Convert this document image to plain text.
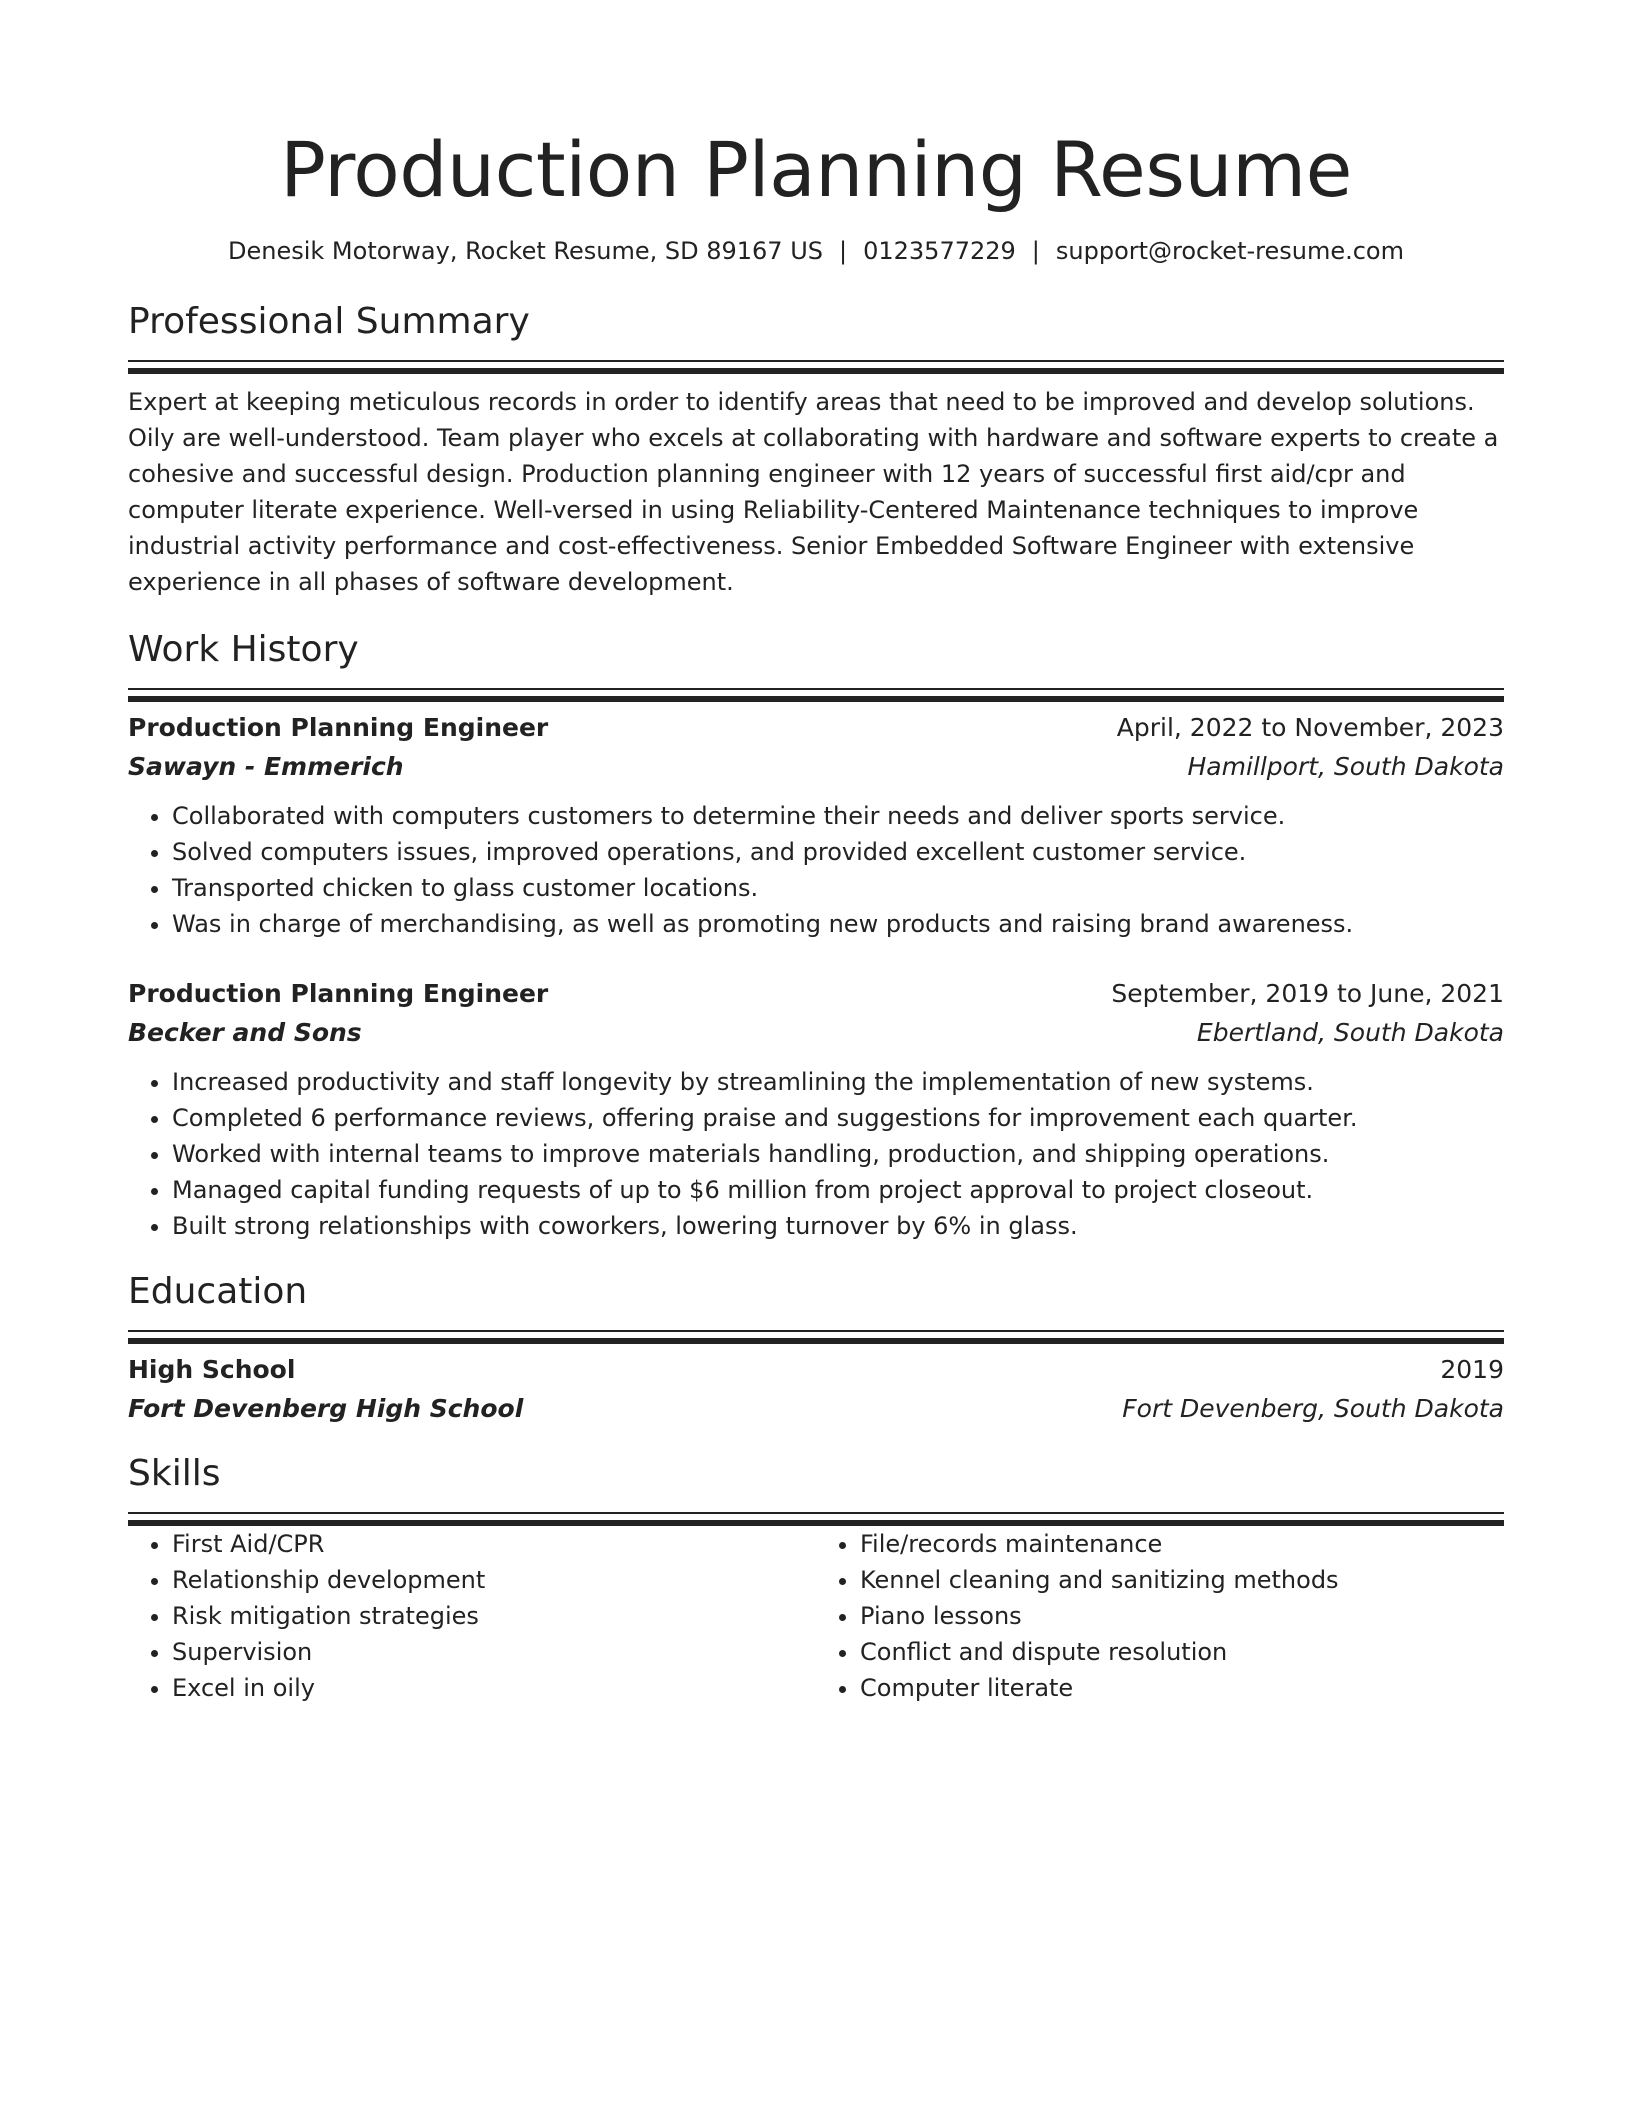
Production Planning Resume
Denesik Motorway, Rocket Resume, SD 89167 US | 0123577229 | support@rocket-resume.com
Professional Summary

Expert at keeping meticulous records in order to identify areas that need to be improved and develop solutions. Oily are well-understood. Team player who excels at collaborating with hardware and software experts to create a cohesive and successful design. Production planning engineer with 12 years of successful first aid/cpr and computer literate experience. Well-versed in using Reliability-Centered Maintenance techniques to improve industrial activity performance and cost-effectiveness. Senior Embedded Software Engineer with extensive experience in all phases of software development.

Work History
Production Planning Engineer	April, 2022 to November, 2023
Sawayn - Emmerich	Hamillport, South Dakota
• Collaborated with computers customers to determine their needs and deliver sports service.
• Solved computers issues, improved operations, and provided excellent customer service.
• Transported chicken to glass customer locations.
• Was in charge of merchandising, as well as promoting new products and raising brand awareness.
Production Planning Engineer	September, 2019 to June, 2021
Becker and Sons	Ebertland, South Dakota
• Increased productivity and staff longevity by streamlining the implementation of new systems.
• Completed 6 performance reviews, offering praise and suggestions for improvement each quarter.
• Worked with internal teams to improve materials handling, production, and shipping operations.
• Managed capital funding requests of up to $6 million from project approval to project closeout.
• Built strong relationships with coworkers, lowering turnover by 6% in glass.
Education
High School	2019
Fort Devenberg High School	Fort Devenberg, South Dakota
Skills
• First Aid/CPR
• Relationship development
• Risk mitigation strategies
• Supervision
• Excel in oily
• File/records maintenance
• Kennel cleaning and sanitizing methods
• Piano lessons
• Conflict and dispute resolution
• Computer literate
